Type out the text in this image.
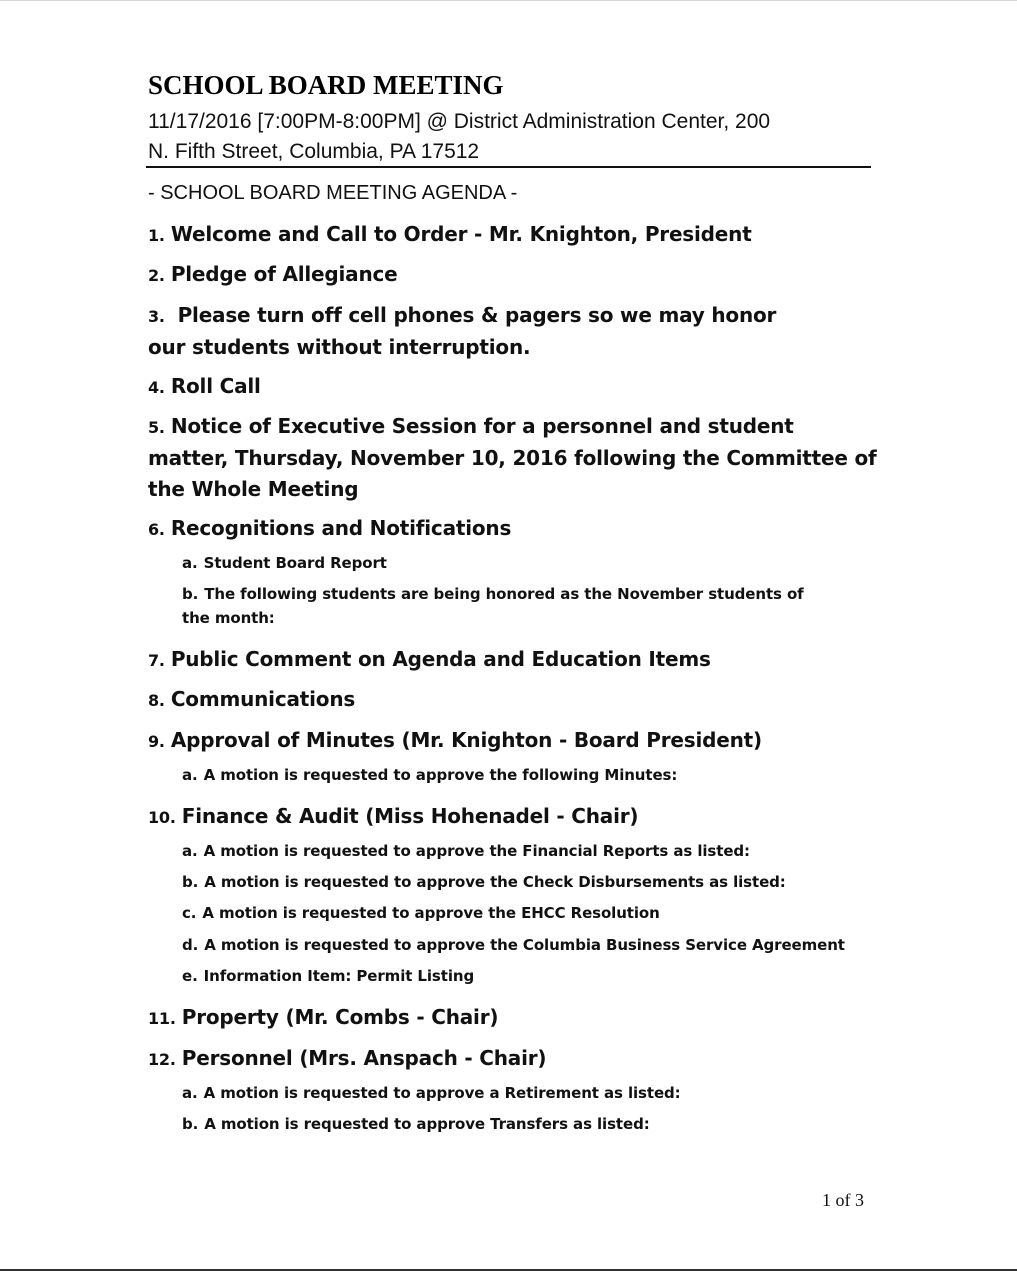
SCHOOL BOARD MEETING
11/17/2016 [7:00PM-8:00PM] @ District Administration Center, 200
N. Fifth Street, Columbia, PA 17512
- SCHOOL BOARD MEETING AGENDA -
1. Welcome and Call to Order - Mr. Knighton, President
2. Pledge of Allegiance
3. Please turn off cell phones & pagers so we may honor our students without interruption.
4. Roll Call
5. Notice of Executive Session for a personnel and student matter, Thursday, November 10, 2016 following the Committee of the Whole Meeting
6. Recognitions and Notifications
a. Student Board Report
b. The following students are being honored as the November students of the month:
7. Public Comment on Agenda and Education Items
8. Communications
9. Approval of Minutes (Mr. Knighton - Board President)
a. A motion is requested to approve the following Minutes:
10. Finance & Audit (Miss Hohenadel - Chair)
a. A motion is requested to approve the Financial Reports as listed:
b. A motion is requested to approve the Check Disbursements as listed:
c. A motion is requested to approve the EHCC Resolution
d. A motion is requested to approve the Columbia Business Service Agreement
e. Information Item: Permit Listing
11. Property (Mr. Combs - Chair)
12. Personnel (Mrs. Anspach - Chair)
a. A motion is requested to approve a Retirement as listed:
b. A motion is requested to approve Transfers as listed:
1 of 3
